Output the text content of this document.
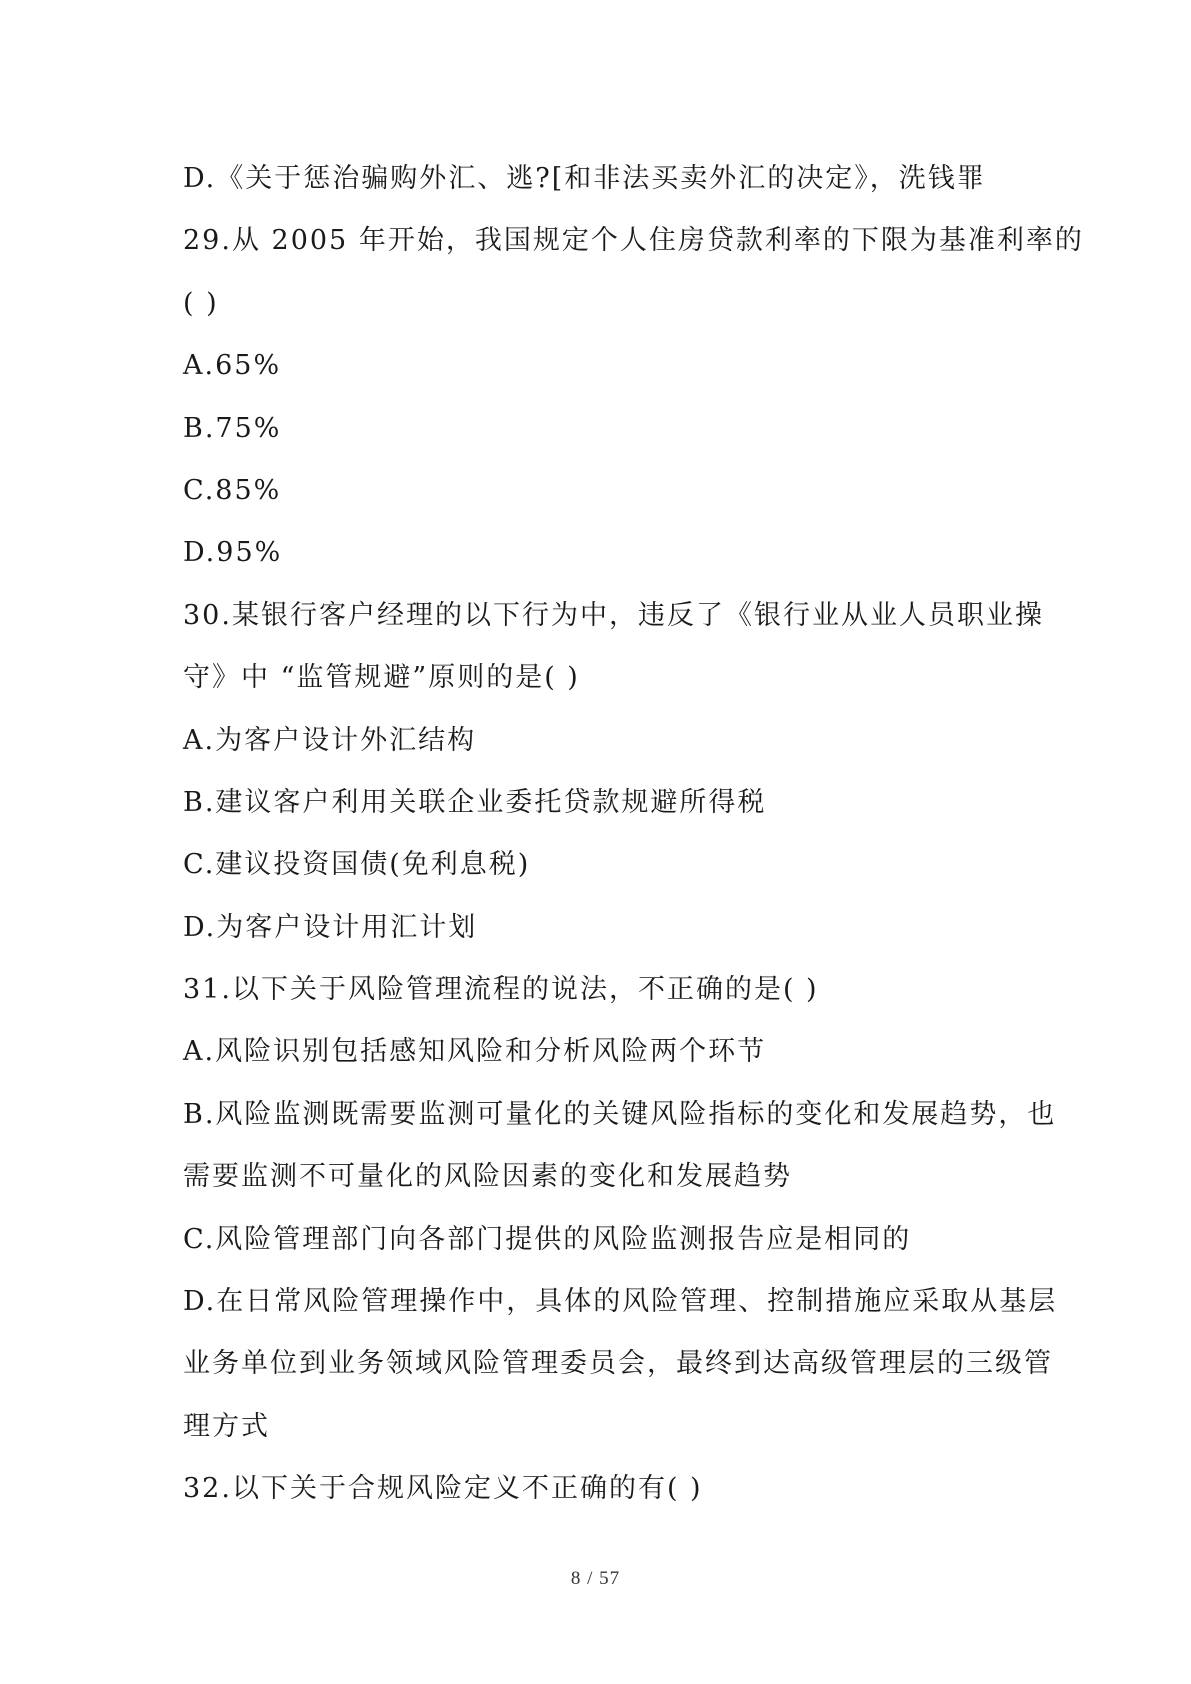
D.《关于惩治骗购外汇、逃?[和非法买卖外汇的决定》，洗钱罪
29.从 2005 年开始，我国规定个人住房贷款利率的下限为基准利率的
( )
A.65%
B.75%
C.85%
D.95%
30.某银行客户经理的以下行为中，违反了《银行业从业人员职业操
守》中 “监管规避”原则的是( )
A.为客户设计外汇结构
B.建议客户利用关联企业委托贷款规避所得税
C.建议投资国债(免利息税)
D.为客户设计用汇计划
31.以下关于风险管理流程的说法，不正确的是( )
A.风险识别包括感知风险和分析风险两个环节
B.风险监测既需要监测可量化的关键风险指标的变化和发展趋势，也
需要监测不可量化的风险因素的变化和发展趋势
C.风险管理部门向各部门提供的风险监测报告应是相同的
D.在日常风险管理操作中，具体的风险管理、控制措施应采取从基层
业务单位到业务领域风险管理委员会，最终到达高级管理层的三级管
理方式
32.以下关于合规风险定义不正确的有( )
8 / 57
